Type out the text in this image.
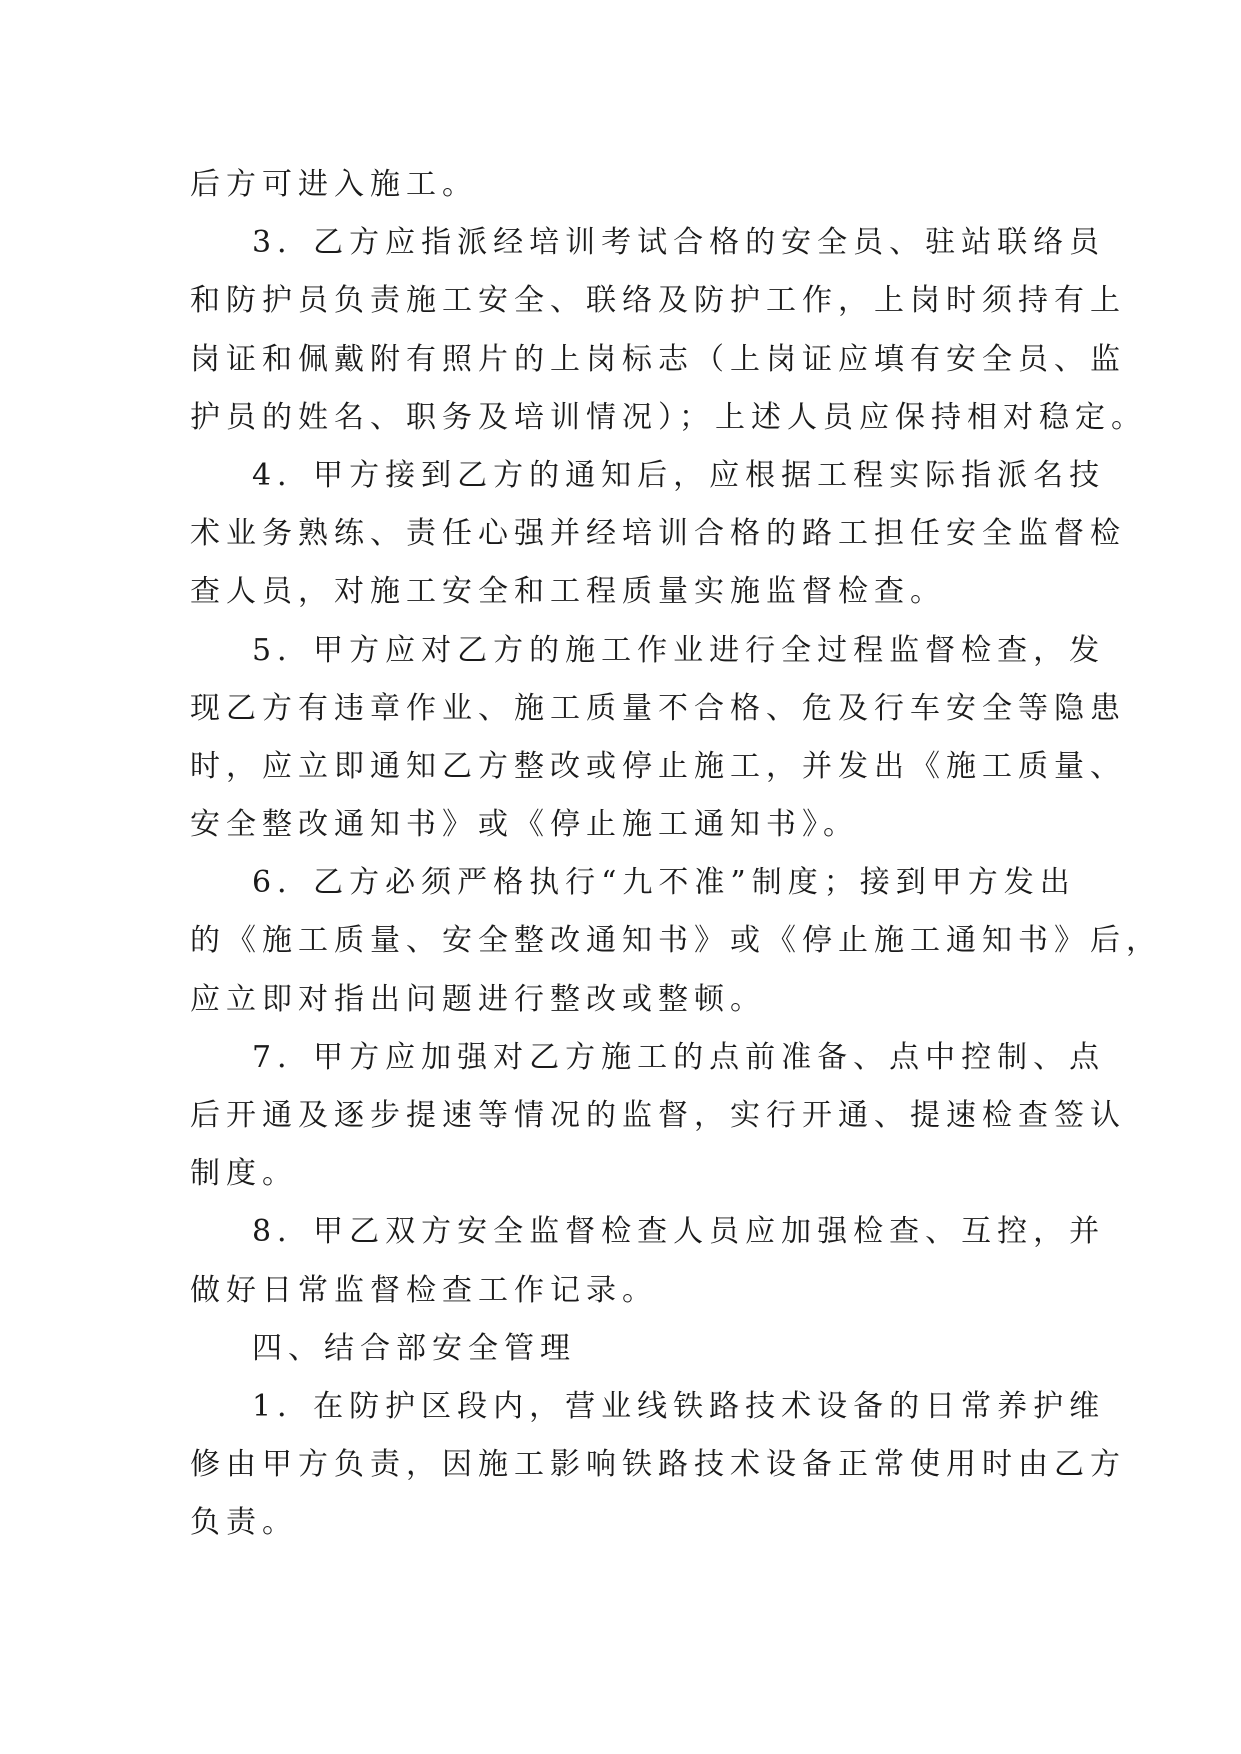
后方可进入施工。
3．乙方应指派经培训考试合格的安全员、驻站联络员
和防护员负责施工安全、联络及防护工作，上岗时须持有上
岗证和佩戴附有照片的上岗标志（上岗证应填有安全员、监
护员的姓名、职务及培训情况）；上述人员应保持相对稳定。
4．甲方接到乙方的通知后，应根据工程实际指派名技
术业务熟练、责任心强并经培训合格的路工担任安全监督检
查人员，对施工安全和工程质量实施监督检查。
5．甲方应对乙方的施工作业进行全过程监督检查，发
现乙方有违章作业、施工质量不合格、危及行车安全等隐患
时，应立即通知乙方整改或停止施工，并发出《施工质量、
安全整改通知书》或《停止施工通知书》。
6．乙方必须严格执行“九不准”制度；接到甲方发出
的《施工质量、安全整改通知书》或《停止施工通知书》后，
应立即对指出问题进行整改或整顿。
7．甲方应加强对乙方施工的点前准备、点中控制、点
后开通及逐步提速等情况的监督，实行开通、提速检查签认
制度。
8．甲乙双方安全监督检查人员应加强检查、互控，并
做好日常监督检查工作记录。
四、结合部安全管理
1．在防护区段内，营业线铁路技术设备的日常养护维
修由甲方负责，因施工影响铁路技术设备正常使用时由乙方
负责。
